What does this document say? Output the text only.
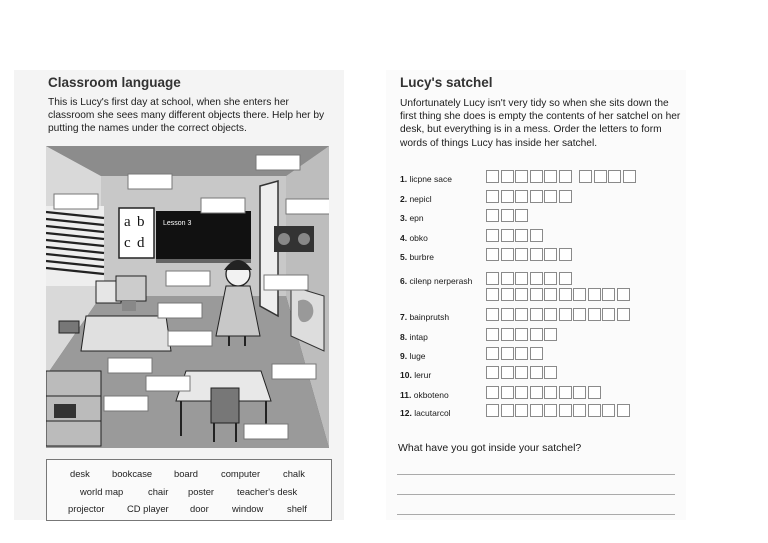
Classroom language
This is Lucy's first day at school, when she enters her classroom she sees many different objects there. Help her by putting the names under the correct objects.
a b
c d
Lesson 3
desk bookcase board computer chalk
world map	chair poster teacher's desk
projector CD player door window	shelf
Lucy's satchel
Unfortunately Lucy isn't very tidy so when she sits down the first thing she does is empty the contents of her satchel on her desk, but everything is in a mess. Order the letters to form words of things Lucy has inside her satchel.
1. licpne sace
2. nepicl
3. epn
4. obko
5. burbre
6. cilenp nerperash
7. bainprutsh
8. intap
9. luge
10. lerur
11. okboteno
12. lacutarcol
What have you got inside your satchel?
